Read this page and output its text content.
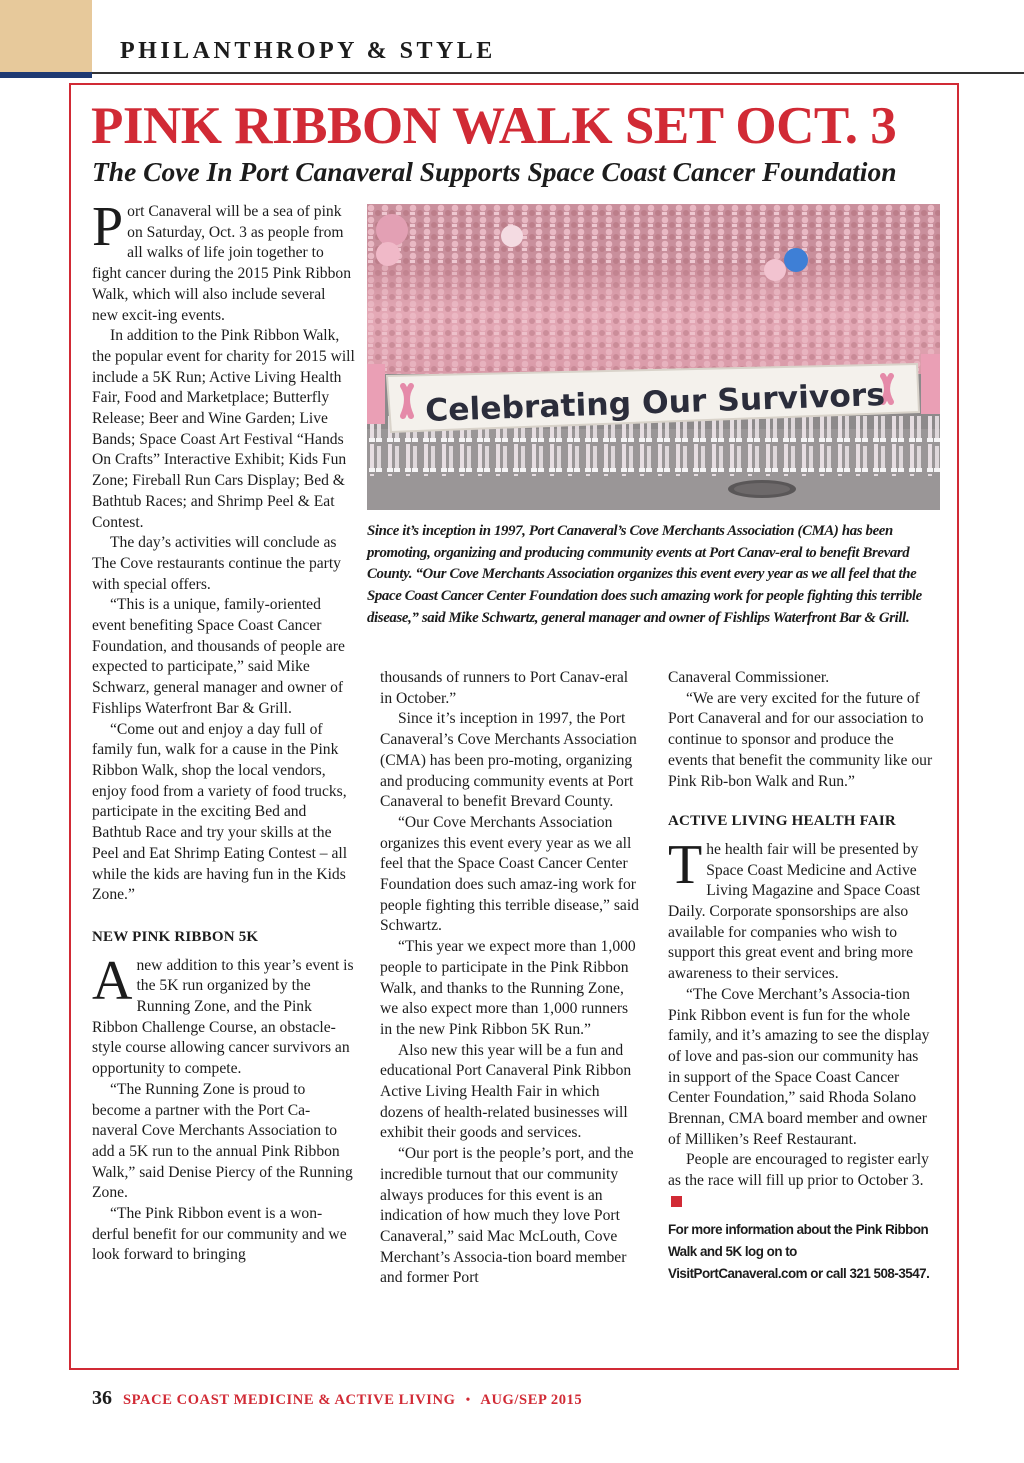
PHILANTHROPY & STYLE
PINK RIBBON WALK SET OCT. 3
The Cove In Port Canaveral Supports Space Coast Cancer Foundation

Port Canaveral will be a sea of pink on Saturday, Oct. 3 as people from all walks of life join together to fight cancer during the 2015 Pink Ribbon Walk, which will also include several new excit-ing events.

In addition to the Pink Ribbon Walk, the popular event for charity for 2015 will include a 5K Run; Active Living Health Fair, Food and Marketplace; Butterfly Release; Beer and Wine Garden; Live Bands; Space Coast Art Festival “Hands On Crafts” Interactive Exhibit; Kids Fun Zone; Fireball Run Cars Display; Bed & Bathtub Races; and Shrimp Peel & Eat Contest.

The day’s activities will conclude as The Cove restaurants continue the party with special offers.

“This is a unique, family-oriented event benefiting Space Coast Cancer Foundation, and thousands of people are expected to participate,” said Mike Schwarz, general manager and owner of Fishlips Waterfront Bar & Grill.

“Come out and enjoy a day full of family fun, walk for a cause in the Pink Ribbon Walk, shop the local vendors, enjoy food from a variety of food trucks, participate in the exciting Bed and Bathtub Race and try your skills at the Peel and Eat Shrimp Eating Contest – all while the kids are having fun in the Kids Zone.”

NEW PINK RIBBON 5K

Anew addition to this year’s event is the 5K run organized by the Running Zone, and the Pink Ribbon Challenge Course, an obstacle-style course allowing cancer survivors an opportunity to compete.

“The Running Zone is proud to become a partner with the Port Ca-naveral Cove Merchants Association to add a 5K run to the annual Pink Ribbon Walk,” said Denise Piercy of the Running Zone.

“The Pink Ribbon event is a won-derful benefit for our community and we look forward to bringing

Celebrating Our Survivors
Since it’s inception in 1997, Port Canaveral’s Cove Merchants Association (CMA) has been promoting, organizing and producing community events at Port Canav-eral to benefit Brevard County. “Our Cove Merchants Association organizes this event every year as we all feel that the Space Coast Cancer Center Foundation does such amazing work for people fighting this terrible disease,” said Mike Schwartz, general manager and owner of Fishlips Waterfront Bar & Grill.

thousands of runners to Port Canav-eral in October.”

Since it’s inception in 1997, the Port Canaveral’s Cove Merchants Association (CMA) has been pro-moting, organizing and producing community events at Port Canaveral to benefit Brevard County.

“Our Cove Merchants Association organizes this event every year as we all feel that the Space Coast Cancer Center Foundation does such amaz-ing work for people fighting this terrible disease,” said Schwartz.

“This year we expect more than 1,000 people to participate in the Pink Ribbon Walk, and thanks to the Running Zone, we also expect more than 1,000 runners in the new Pink Ribbon 5K Run.”

Also new this year will be a fun and educational Port Canaveral Pink Ribbon Active Living Health Fair in which dozens of health-related businesses will exhibit their goods and services.

“Our port is the people’s port, and the incredible turnout that our community always produces for this event is an indication of how much they love Port Canaveral,” said Mac McLouth, Cove Merchant’s Associa-tion board member and former Port

Canaveral Commissioner.

“We are very excited for the future of Port Canaveral and for our association to continue to sponsor and produce the events that benefit the community like our Pink Rib-bon Walk and Run.”

ACTIVE LIVING HEALTH FAIR

The health fair will be presented by Space Coast Medicine and Active Living Magazine and Space Coast Daily. Corporate sponsorships are also available for companies who wish to support this great event and bring more awareness to their services.

“The Cove Merchant’s Associa-tion Pink Ribbon event is fun for the whole family, and it’s amazing to see the display of love and pas-sion our community has in support of the Space Coast Cancer Center Foundation,” said Rhoda Solano Brennan, CMA board member and owner of Milliken’s Reef Restaurant.

People are encouraged to register early as the race will fill up prior to October 3.

For more information about the Pink Ribbon Walk and 5K log on to VisitPortCanaveral.com or call 321 508-3547.
36 SPACE COAST MEDICINE & ACTIVE LIVING • AUG/SEP 2015
